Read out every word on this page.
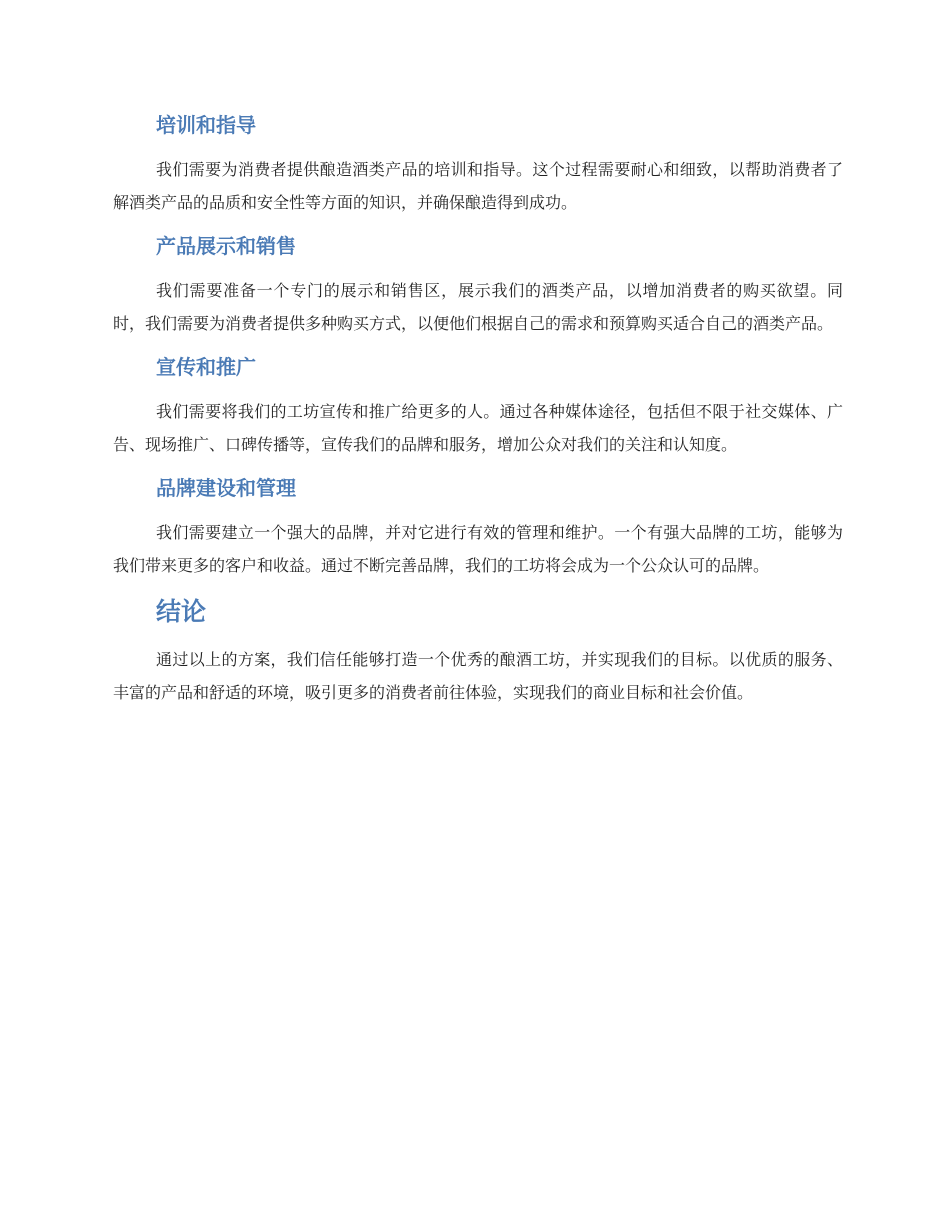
培训和指导

我们需要为消费者提供酿造酒类产品的培训和指导。这个过程需要耐心和细致，以帮助消费者了解酒类产品的品质和安全性等方面的知识，并确保酿造得到成功。

产品展示和销售

我们需要准备一个专门的展示和销售区，展示我们的酒类产品，以增加消费者的购买欲望。同时，我们需要为消费者提供多种购买方式，以便他们根据自己的需求和预算购买适合自己的酒类产品。

宣传和推广

我们需要将我们的工坊宣传和推广给更多的人。通过各种媒体途径，包括但不限于社交媒体、广告、现场推广、口碑传播等，宣传我们的品牌和服务，增加公众对我们的关注和认知度。

品牌建设和管理

我们需要建立一个强大的品牌，并对它进行有效的管理和维护。一个有强大品牌的工坊，能够为我们带来更多的客户和收益。通过不断完善品牌，我们的工坊将会成为一个公众认可的品牌。

结论

通过以上的方案，我们信任能够打造一个优秀的酿酒工坊，并实现我们的目标。以优质的服务、丰富的产品和舒适的环境，吸引更多的消费者前往体验，实现我们的商业目标和社会价值。
